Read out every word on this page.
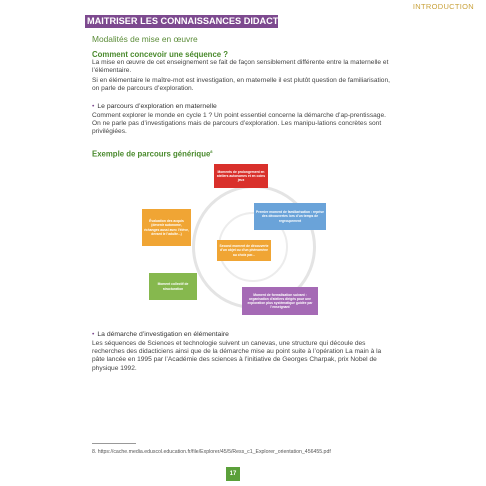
INTRODUCTION
MAITRISER LES CONNAISSANCES DIDACTIQUES
Modalités de mise en œuvre
Comment concevoir une séquence ?
La mise en œuvre de cet enseignement se fait de façon sensiblement différente entre la maternelle et l’élémentaire.
Si en élémentaire le maître-mot est investigation, en maternelle il est plutôt question de familiarisation, on parle de parcours d’exploration.
• Le parcours d’exploration en maternelle
Comment explorer le monde en cycle 1 ? Un point essentiel concerne la démarche d’ap-prentissage. On ne parle pas d’investigations mais de parcours d’exploration. Les manipu-lations concrètes sont privilégiées.
Exemple de parcours générique$^8$
Moments de prolongement en ateliers autonomes et en coins jeux
Premier moment de familiarisation : reprise des découvertes lors d’un temps de regroupement
Évaluation des acquis (devenir autonome, échanges aussi avec l’élève, devant le l’adulte...)
Second moment de découverte d’un objet ou d’un phénomène au choix par...
Moment collectif de structuration
Moment de formalisation suivant : organisation d’ateliers dirigés pour une exploration plus systématique guidée par l’enseignant
• La démarche d’investigation en élémentaire
Les séquences de Sciences et technologie suivent un canevas, une structure qui découle des recherches des didacticiens ainsi que de la démarche mise au point suite à l’opération La main à la pâte lancée en 1995 par l’Académie des sciences à l’initiative de Georges Charpak, prix Nobel de physique 1992.
8. https://cache.media.eduscol.education.fr/file/Explorer/45/5/Ress_c1_Explorer_orientation_456455.pdf
17
